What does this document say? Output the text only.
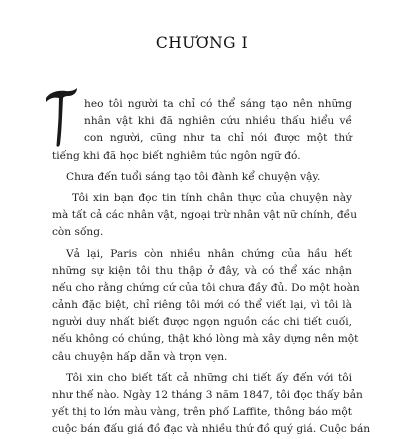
CHƯƠNG I
heo tôi người ta chỉ có thể sáng tạo nên những
nhân vật khi đã nghiên cứu nhiều thấu hiểu về
con người, cũng như ta chỉ nói được một thứ
tiếng khi đã học biết nghiêm túc ngôn ngữ đó.
Chưa đến tuổi sáng tạo tôi đành kể chuyện vậy.
Tôi xin bạn đọc tin tính chân thực của chuyện này
mà tất cả các nhân vật, ngoại trừ nhân vật nữ chính, đều
còn sống.
Vả lại, Paris còn nhiều nhân chứng của hầu hết
những sự kiện tôi thu thập ở đây, và có thể xác nhận
nếu cho rằng chứng cứ của tôi chưa đầy đủ. Do một hoàn
cảnh đặc biệt, chỉ riêng tôi mới có thể viết lại, vì tôi là
người duy nhất biết được ngọn nguồn các chi tiết cuối,
nếu không có chúng, thật khó lòng mà xây dựng nên một
câu chuyện hấp dẫn và trọn vẹn.
Tôi xin cho biết tất cả những chi tiết ấy đến với tôi
như thế nào. Ngày 12 tháng 3 năm 1847, tôi đọc thấy bản
yết thị to lớn màu vàng, trên phố Laffite, thông báo một
cuộc bán đấu giá đồ đạc và nhiều thứ đồ quý giá. Cuộc bán
